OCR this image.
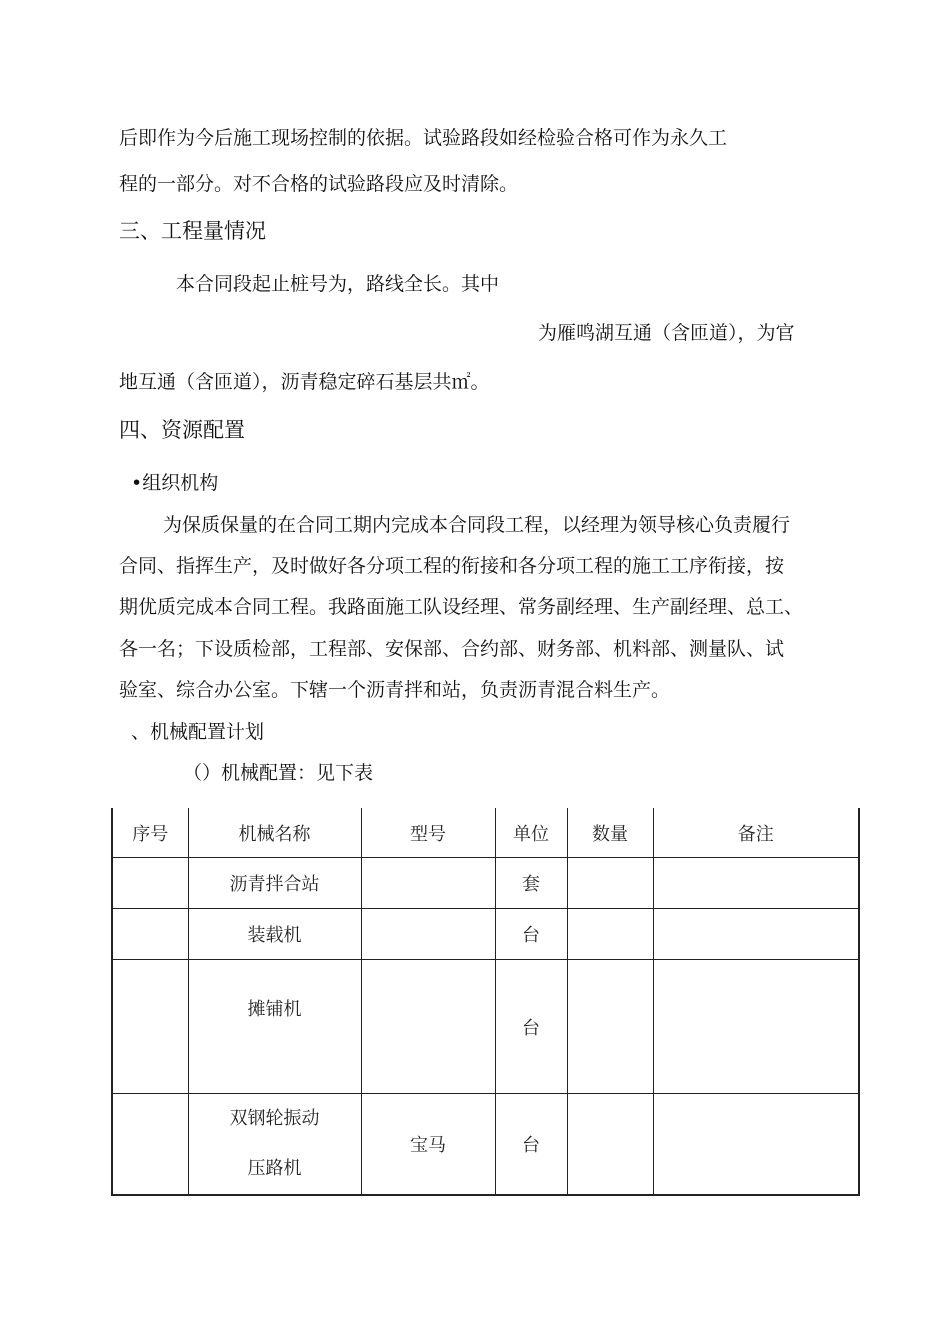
后即作为今后施工现场控制的依据。试验路段如经检验合格可作为永久工
程的一部分。对不合格的试验路段应及时清除。
三、工程量情况
本合同段起止桩号为，路线全长。其中
为雁鸣湖互通（含匝道），为官
地互通（含匝道），沥青稳定碎石基层共㎡。
四、资源配置
•组织机构
为保质保量的在合同工期内完成本合同段工程，以经理为领导核心负责履行
合同、指挥生产，及时做好各分项工程的衔接和各分项工程的施工工序衔接，按
期优质完成本合同工程。我路面施工队设经理、常务副经理、生产副经理、总工、
各一名；下设质检部，工程部、安保部、合约部、财务部、机料部、测量队、试
验室、综合办公室。下辖一个沥青拌和站，负责沥青混合料生产。
、机械配置计划
（）机械配置：见下表
序号	机械名称	型号	单位	数量	备注
	沥青拌合站		套		
	装载机		台		
	摊铺机		台		

	双钢轮振动
压路机	宝马	台		
